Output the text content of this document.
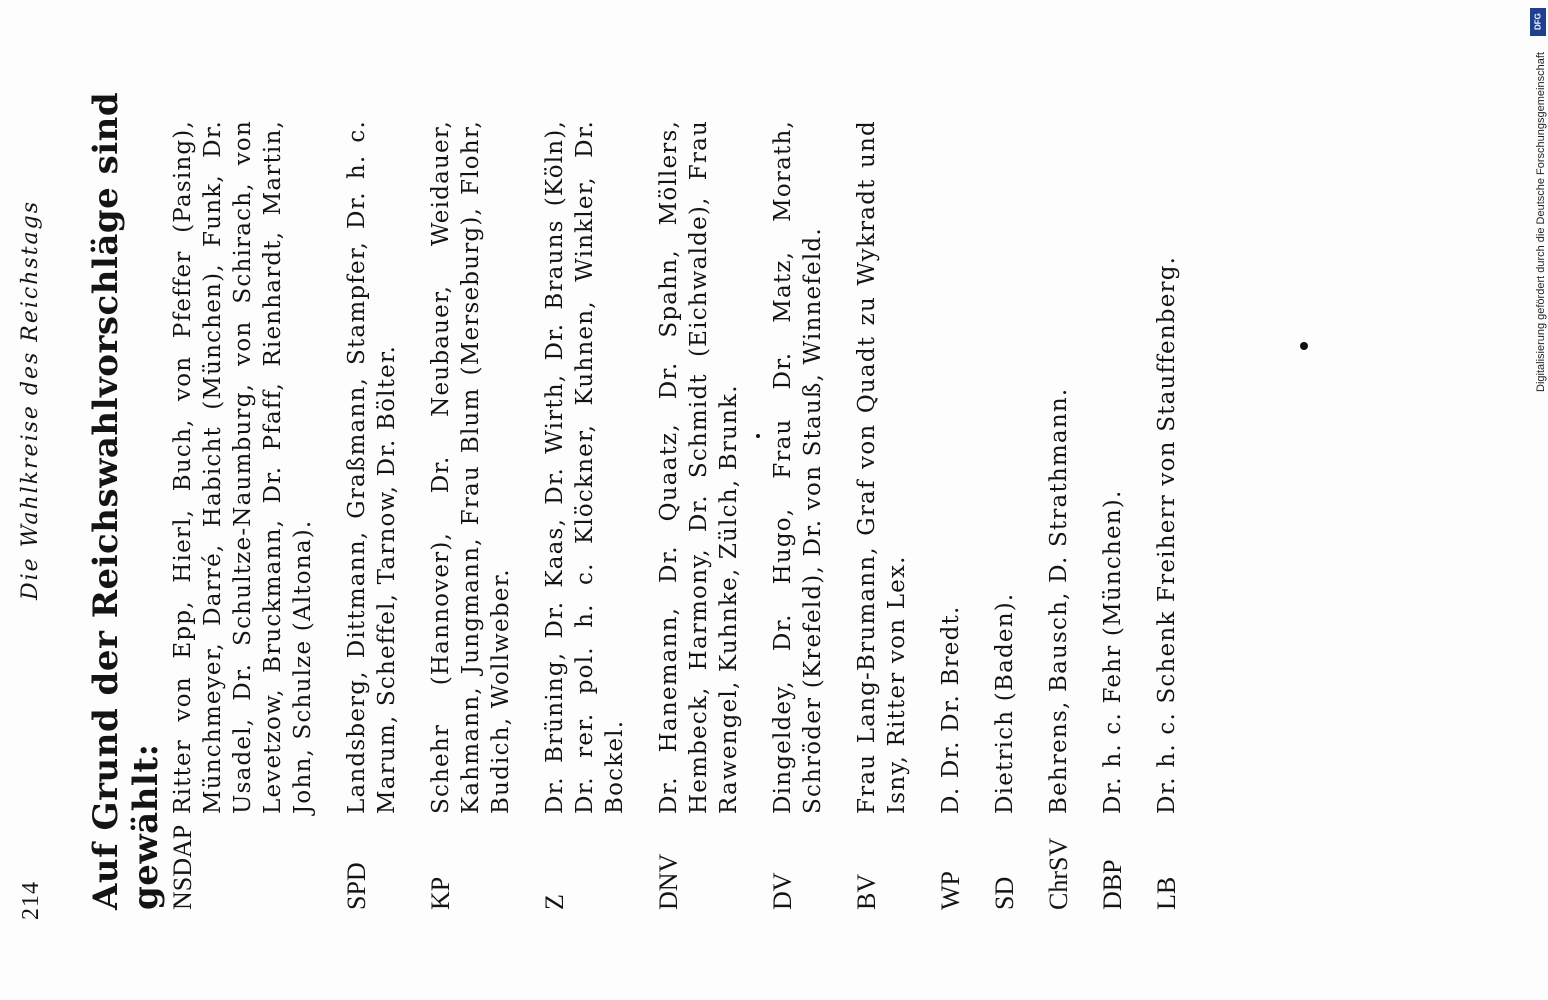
214
Die Wahlkreise des Reichstags Auf Grund der Reichswahlvorschläge sind gewählt: NSDAP
Ritter von Epp, Hierl, Buch, von Pfeffer (Pasing), Münchmeyer, Darré, Habicht (München), Funk, Dr. Usadel, Dr. Schultze-Naumburg, von Schirach, von Levetzow, Bruckmann, Dr. Pfaff, Rienhardt, Martin, John, Schulze (Altona).
SPD
Landsberg, Dittmann, Graßmann, Stampfer, Dr. h. c. Marum, Scheffel, Tarnow, Dr. Bölter.
KP
Schehr (Hannover), Dr. Neubauer, Weidauer, Kahmann, Jungmann, Frau Blum (Merseburg), Flohr, Budich, Wollweber.
Z
Dr. Brüning, Dr. Kaas, Dr. Wirth, Dr. Brauns (Köln), Dr. rer. pol. h. c. Klöckner, Kuhnen, Winkler, Dr. Bockel.
DNV
Dr. Hanemann, Dr. Quaatz, Dr. Spahn, Möllers, Hembeck, Harmony, Dr. Schmidt (Eichwalde), Frau Rawengel, Kuhnke, Zülch, Brunk.
DV
Dingeldey, Dr. Hugo, Frau Dr. Matz, Morath, Schröder (Krefeld), Dr. von Stauß, Winnefeld.
BV
Frau Lang-Brumann, Graf von Quadt zu Wykradt und Isny, Ritter von Lex.
WP
D. Dr. Dr. Bredt.
SD
Dietrich (Baden).
ChrSV
Behrens, Bausch, D. Strathmann.
DBP
Dr. h. c. Fehr (München).
LB
Dr. h. c. Schenk Freiherr von Stauffenberg.
DFG
Digitalisierung gefördert durch die Deutsche Forschungsgemeinschaft
